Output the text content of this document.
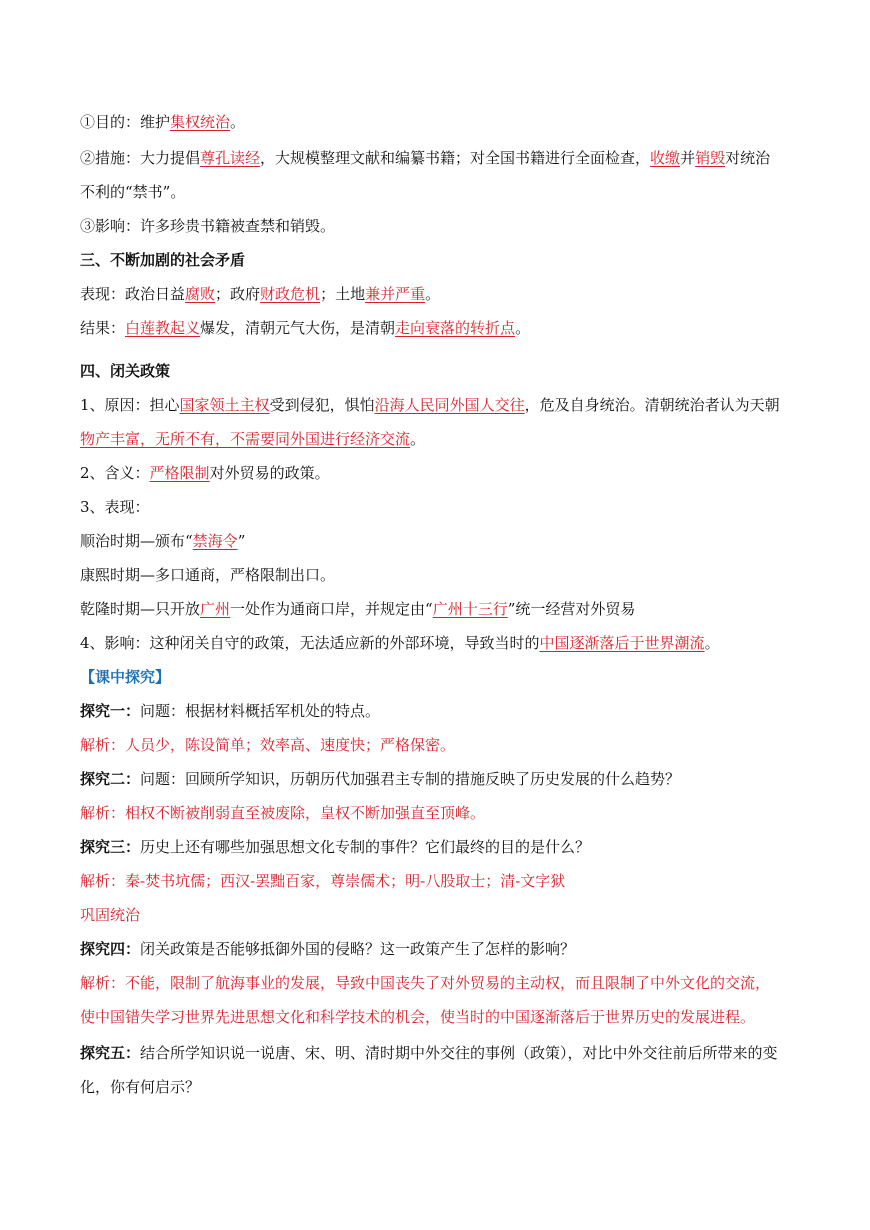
①目的：维护集权统治。
②措施：大力提倡尊孔读经，大规模整理文献和编纂书籍；对全国书籍进行全面检查，收缴并销毁对统治
不利的“禁书”。
③影响：许多珍贵书籍被查禁和销毁。
三、不断加剧的社会矛盾
表现：政治日益腐败；政府财政危机；土地兼并严重。
结果：白莲教起义爆发，清朝元气大伤，是清朝走向衰落的转折点。
四、闭关政策
1、原因：担心国家领土主权受到侵犯，惧怕沿海人民同外国人交往，危及自身统治。清朝统治者认为天朝
物产丰富，无所不有，不需要同外国进行经济交流。
2、含义：严格限制对外贸易的政策。
3、表现：
顺治时期—颁布“禁海令”
康熙时期—多口通商，严格限制出口。
乾隆时期—只开放广州一处作为通商口岸，并规定由“广州十三行”统一经营对外贸易
4、影响：这种闭关自守的政策，无法适应新的外部环境，导致当时的中国逐渐落后于世界潮流。
【课中探究】
探究一：问题：根据材料概括军机处的特点。
解析：人员少，陈设简单；效率高、速度快；严格保密。
探究二：问题：回顾所学知识，历朝历代加强君主专制的措施反映了历史发展的什么趋势？
解析：相权不断被削弱直至被废除，皇权不断加强直至顶峰。
探究三：历史上还有哪些加强思想文化专制的事件？它们最终的目的是什么？
解析：秦-焚书坑儒；西汉-罢黜百家，尊崇儒术；明-八股取士；清-文字狱
巩固统治
探究四：闭关政策是否能够抵御外国的侵略？这一政策产生了怎样的影响？
解析：不能，限制了航海事业的发展，导致中国丧失了对外贸易的主动权，而且限制了中外文化的交流，
使中国错失学习世界先进思想文化和科学技术的机会，使当时的中国逐渐落后于世界历史的发展进程。
探究五：结合所学知识说一说唐、宋、明、清时期中外交往的事例（政策），对比中外交往前后所带来的变
化，你有何启示？
